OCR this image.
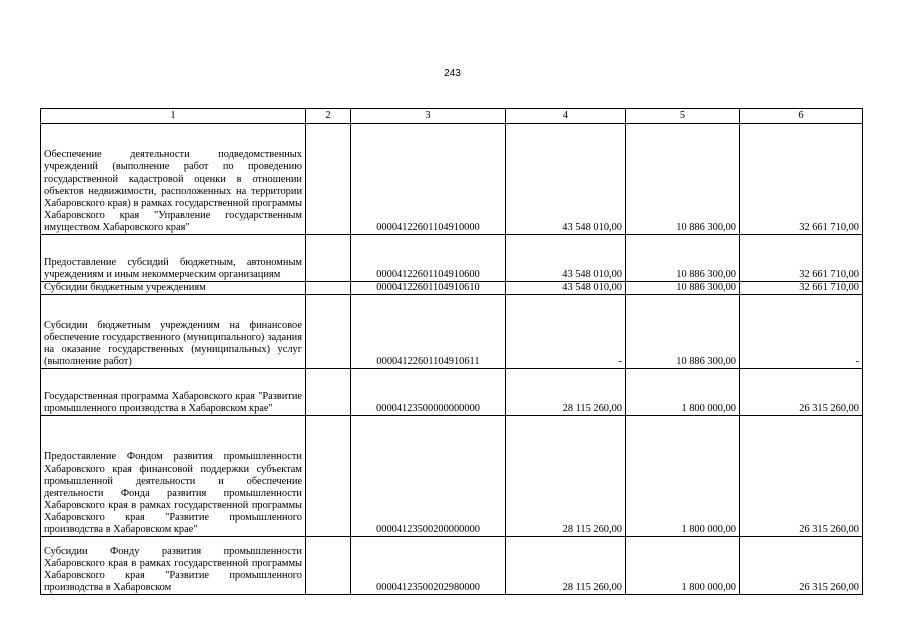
243
1	2	3	4	5	6
Обеспечение деятельности подведомственных учреждений (выполнение работ по проведению государственной кадастровой оценки в отношении объектов недвижимости, расположенных на территории Хабаровского края) в рамках государственной программы Хабаровского края "Управление государственным имуществом Хабаровского края"		00004122601104910000	43 548 010,00	10 886 300,00	32 661 710,00
Предоставление субсидий бюджетным, автономным учреждениям и иным некоммерческим организациям		00004122601104910600	43 548 010,00	10 886 300,00	32 661 710,00
Субсидии бюджетным учреждениям		00004122601104910610	43 548 010,00	10 886 300,00	32 661 710,00
Субсидии бюджетным учреждениям на финансовое обеспечение государственного (муниципального) задания на оказание государственных (муниципальных) услуг (выполнение работ)		00004122601104910611	-	10 886 300,00	-
Государственная программа Хабаровского края "Развитие промышленного производства в Хабаровском крае"		00004123500000000000	28 115 260,00	1 800 000,00	26 315 260,00
Предоставление Фондом развития промышленности Хабаровского края финансовой поддержки субъектам промышленной деятельности и обеспечение деятельности Фонда развития промышленности Хабаровского края в рамках государственной программы Хабаровского края "Развитие промышленного производства в Хабаровском крае"		00004123500200000000	28 115 260,00	1 800 000,00	26 315 260,00
Субсидии Фонду развития промышленности Хабаровского края в рамках государственной программы Хабаровского края "Развитие промышленного производства в Хабаровском		00004123500202980000	28 115 260,00	1 800 000,00	26 315 260,00
